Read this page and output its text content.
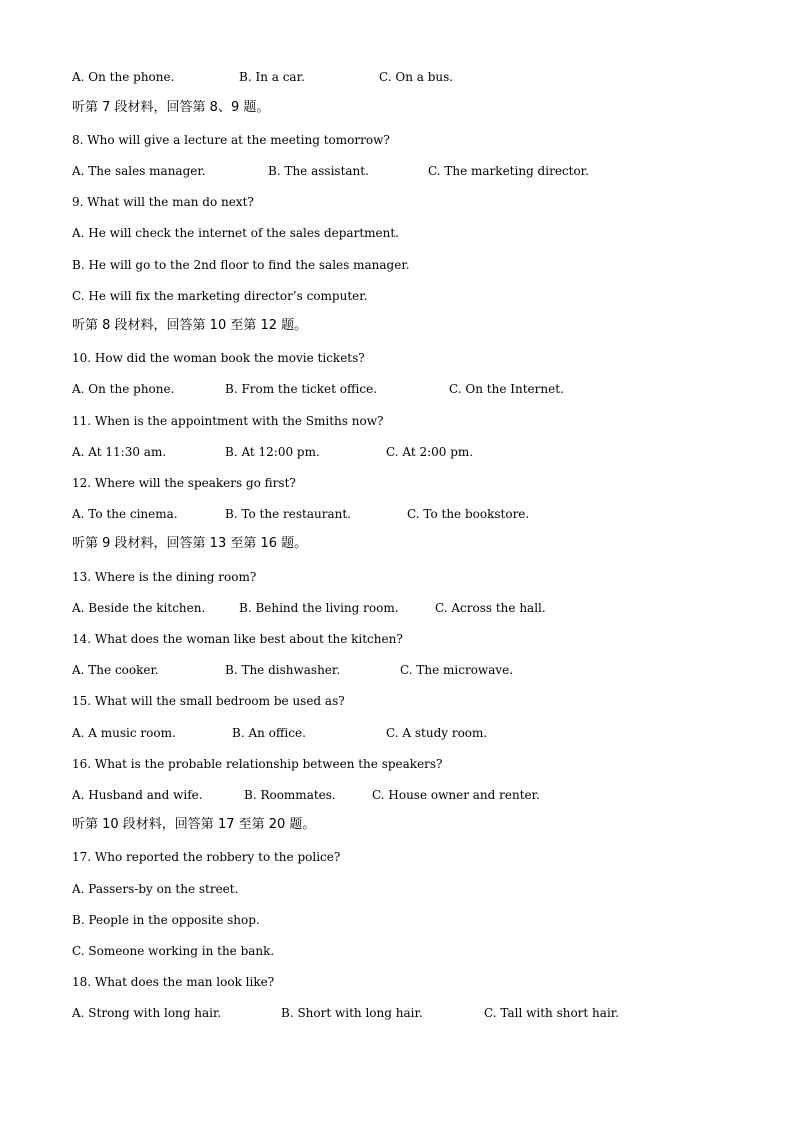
A. On the phone.

	B. In a car.

	C. On a bus.

听第 7 段材料，回答第 8、9 题。
8. Who will give a lecture at the meeting tomorrow?

A. The sales manager.

	B. The assistant.

	C. The marketing director.

9. What will the man do next?
A. He will check the internet of the sales department.
B. He will go to the 2nd floor to find the sales manager.
C. He will fix the marketing director’s computer.
听第 8 段材料，回答第 10 至第 12 题。
10. How did the woman book the movie tickets?

A. On the phone.

	B. From the ticket office.

	C. On the Internet.

11. When is the appointment with the Smiths now?

A. At 11:30 am.

	B. At 12:00 pm.

	C. At 2:00 pm.

12. Where will the speakers go first?

A. To the cinema.

	B. To the restaurant.

	C. To the bookstore.

听第 9 段材料，回答第 13 至第 16 题。
13. Where is the dining room?

A. Beside the kitchen.

	B. Behind the living room.

	C. Across the hall.

14. What does the woman like best about the kitchen?

A. The cooker.

	B. The dishwasher.

	C. The microwave.

15. What will the small bedroom be used as?

A. A music room.

	B. An office.

	C. A study room.

16. What is the probable relationship between the speakers?

A. Husband and wife.

	B. Roommates.

	C. House owner and renter.

听第 10 段材料，回答第 17 至第 20 题。
17. Who reported the robbery to the police?
A. Passers-by on the street.
B. People in the opposite shop.
C. Someone working in the bank.
18. What does the man look like?

A. Strong with long hair.

	B. Short with long hair.

	C. Tall with short hair.
